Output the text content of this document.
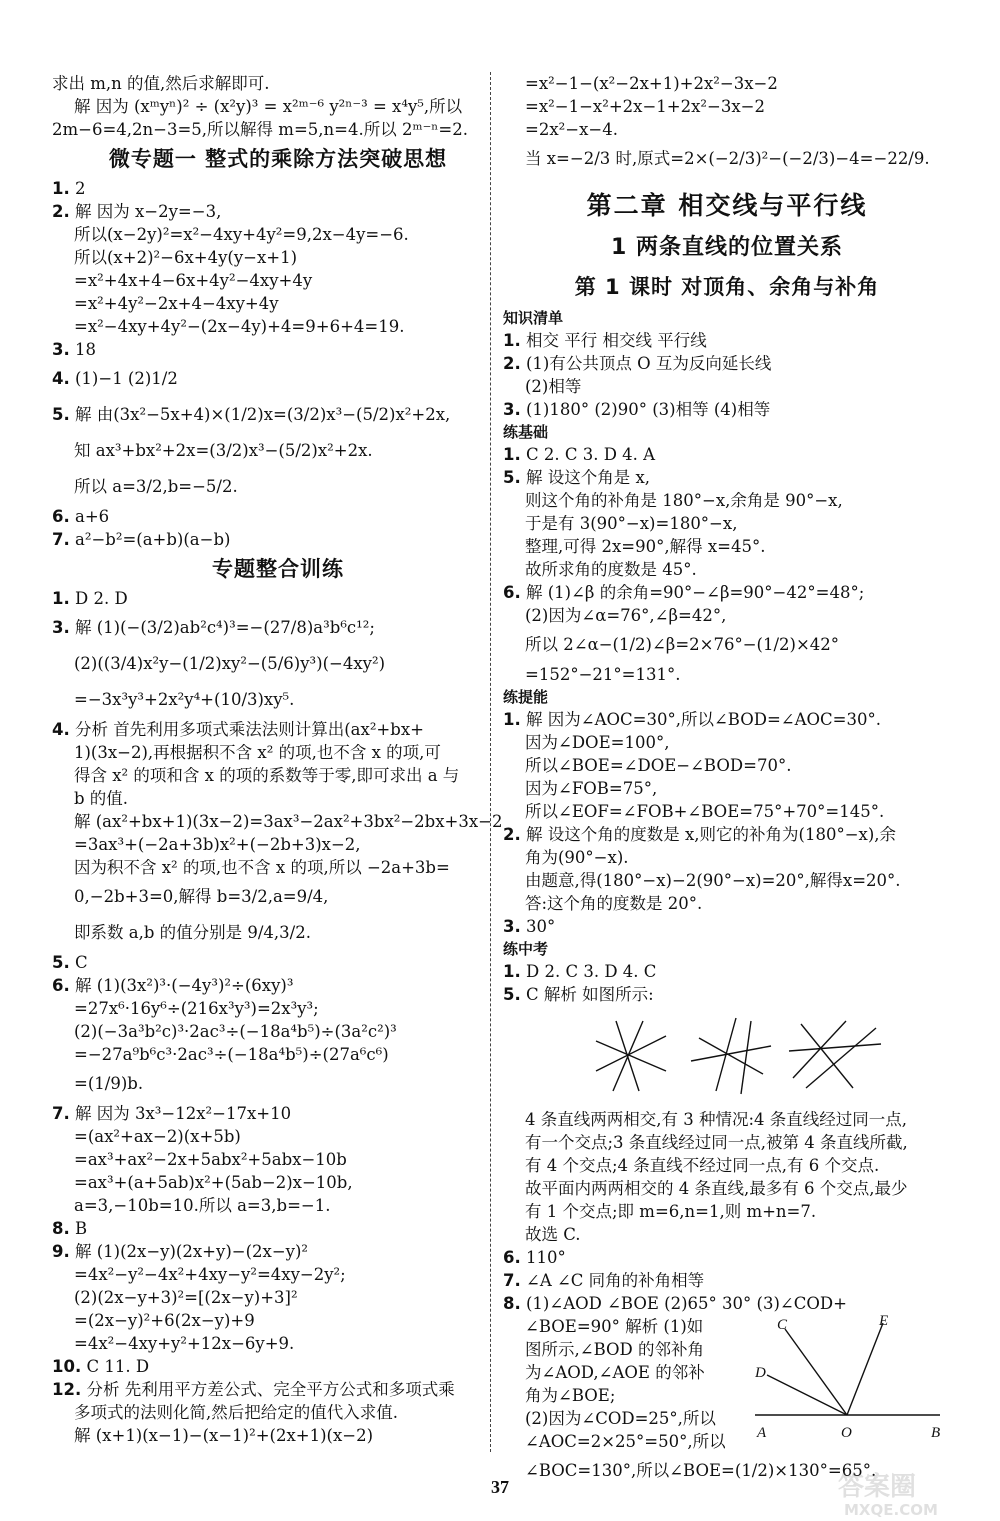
求出 m,n 的值,然后求解即可.
解 因为 (xᵐyⁿ)² ÷ (x²y)³ = x²ᵐ⁻⁶ y²ⁿ⁻³ = x⁴y⁵,所以
2m−6=4,2n−3=5,所以解得 m=5,n=4.所以 2ᵐ⁻ⁿ=2.
微专题一 整式的乘除方法突破思想
1. 2
2. 解 因为 x−2y=−3,
所以(x−2y)²=x²−4xy+4y²=9,2x−4y=−6.
所以(x+2)²−6x+4y(y−x+1)
=x²+4x+4−6x+4y²−4xy+4y
=x²+4y²−2x+4−4xy+4y
=x²−4xy+4y²−(2x−4y)+4=9+6+4=19.
3. 18
4. (1)−1 (2)1/2
5. 解 由(3x²−5x+4)×(1/2)x=(3/2)x³−(5/2)x²+2x,
知 ax³+bx²+2x=(3/2)x³−(5/2)x²+2x.
所以 a=3/2,b=−5/2.
6. a+6
7. a²−b²=(a+b)(a−b)
专题整合训练
1. D 2. D
3. 解 (1)(−(3/2)ab²c⁴)³=−(27/8)a³b⁶c¹²;
(2)((3/4)x²y−(1/2)xy²−(5/6)y³)(−4xy²)
=−3x³y³+2x²y⁴+(10/3)xy⁵.
4. 分析 首先利用多项式乘法法则计算出(ax²+bx+
1)(3x−2),再根据积不含 x² 的项,也不含 x 的项,可
得含 x² 的项和含 x 的项的系数等于零,即可求出 a 与
b 的值.
解 (ax²+bx+1)(3x−2)=3ax³−2ax²+3bx²−2bx+3x−2
=3ax³+(−2a+3b)x²+(−2b+3)x−2,
因为积不含 x² 的项,也不含 x 的项,所以 −2a+3b=
0,−2b+3=0,解得 b=3/2,a=9/4,
即系数 a,b 的值分别是 9/4,3/2.
5. C
6. 解 (1)(3x²)³·(−4y³)²÷(6xy)³
=27x⁶·16y⁶÷(216x³y³)=2x³y³;
(2)(−3a³b²c)³·2ac³÷(−18a⁴b⁵)÷(3a²c²)³
=−27a⁹b⁶c³·2ac³÷(−18a⁴b⁵)÷(27a⁶c⁶)
=(1/9)b.
7. 解 因为 3x³−12x²−17x+10
=(ax²+ax−2)(x+5b)
=ax³+ax²−2x+5abx²+5abx−10b
=ax³+(a+5ab)x²+(5ab−2)x−10b,
a=3,−10b=10.所以 a=3,b=−1.
8. B
9. 解 (1)(2x−y)(2x+y)−(2x−y)²
=4x²−y²−4x²+4xy−y²=4xy−2y²;
(2)(2x−y+3)²=[(2x−y)+3]²
=(2x−y)²+6(2x−y)+9
=4x²−4xy+y²+12x−6y+9.
10. C 11. D
12. 分析 先利用平方差公式、完全平方公式和多项式乘
多项式的法则化简,然后把给定的值代入求值.
解 (x+1)(x−1)−(x−1)²+(2x+1)(x−2)
=x²−1−(x²−2x+1)+2x²−3x−2
=x²−1−x²+2x−1+2x²−3x−2
=2x²−x−4.
当 x=−2/3 时,原式=2×(−2/3)²−(−2/3)−4=−22/9.
第二章 相交线与平行线
1 两条直线的位置关系
第 1 课时 对顶角、余角与补角
知识清单
1. 相交 平行 相交线 平行线
2. (1)有公共顶点 O 互为反向延长线
(2)相等
3. (1)180° (2)90° (3)相等 (4)相等
练基础
1. C 2. C 3. D 4. A
5. 解 设这个角是 x,
则这个角的补角是 180°−x,余角是 90°−x,
于是有 3(90°−x)=180°−x,
整理,可得 2x=90°,解得 x=45°.
故所求角的度数是 45°.
6. 解 (1)∠β 的余角=90°−∠β=90°−42°=48°;
(2)因为∠α=76°,∠β=42°,
所以 2∠α−(1/2)∠β=2×76°−(1/2)×42°
=152°−21°=131°.
练提能
1. 解 因为∠AOC=30°,所以∠BOD=∠AOC=30°.
因为∠DOE=100°,
所以∠BOE=∠DOE−∠BOD=70°.
因为∠FOB=75°,
所以∠EOF=∠FOB+∠BOE=75°+70°=145°.
2. 解 设这个角的度数是 x,则它的补角为(180°−x),余
角为(90°−x).
由题意,得(180°−x)−2(90°−x)=20°,解得x=20°.
答:这个角的度数是 20°.
3. 30°
练中考
1. D 2. C 3. D 4. C
5. C 解析 如图所示:
4 条直线两两相交,有 3 种情况:4 条直线经过同一点,
有一个交点;3 条直线经过同一点,被第 4 条直线所截,
有 4 个交点;4 条直线不经过同一点,有 6 个交点.
故平面内两两相交的 4 条直线,最多有 6 个交点,最少
有 1 个交点;即 m=6,n=1,则 m+n=7.
故选 C.
6. 110°
7. ∠A ∠C 同角的补角相等
8. (1)∠AOD ∠BOE (2)65° 30° (3)∠COD+
∠BOE=90° 解析 (1)如
图所示,∠BOD 的邻补角
为∠AOD,∠AOE 的邻补
角为∠BOE;
(2)因为∠COD=25°,所以
∠AOC=2×25°=50°,所以
∠BOC=130°,所以∠BOE=(1/2)×130°=65°.
A	B
C
D
E
O
37	答案圈
MXQE.COM
